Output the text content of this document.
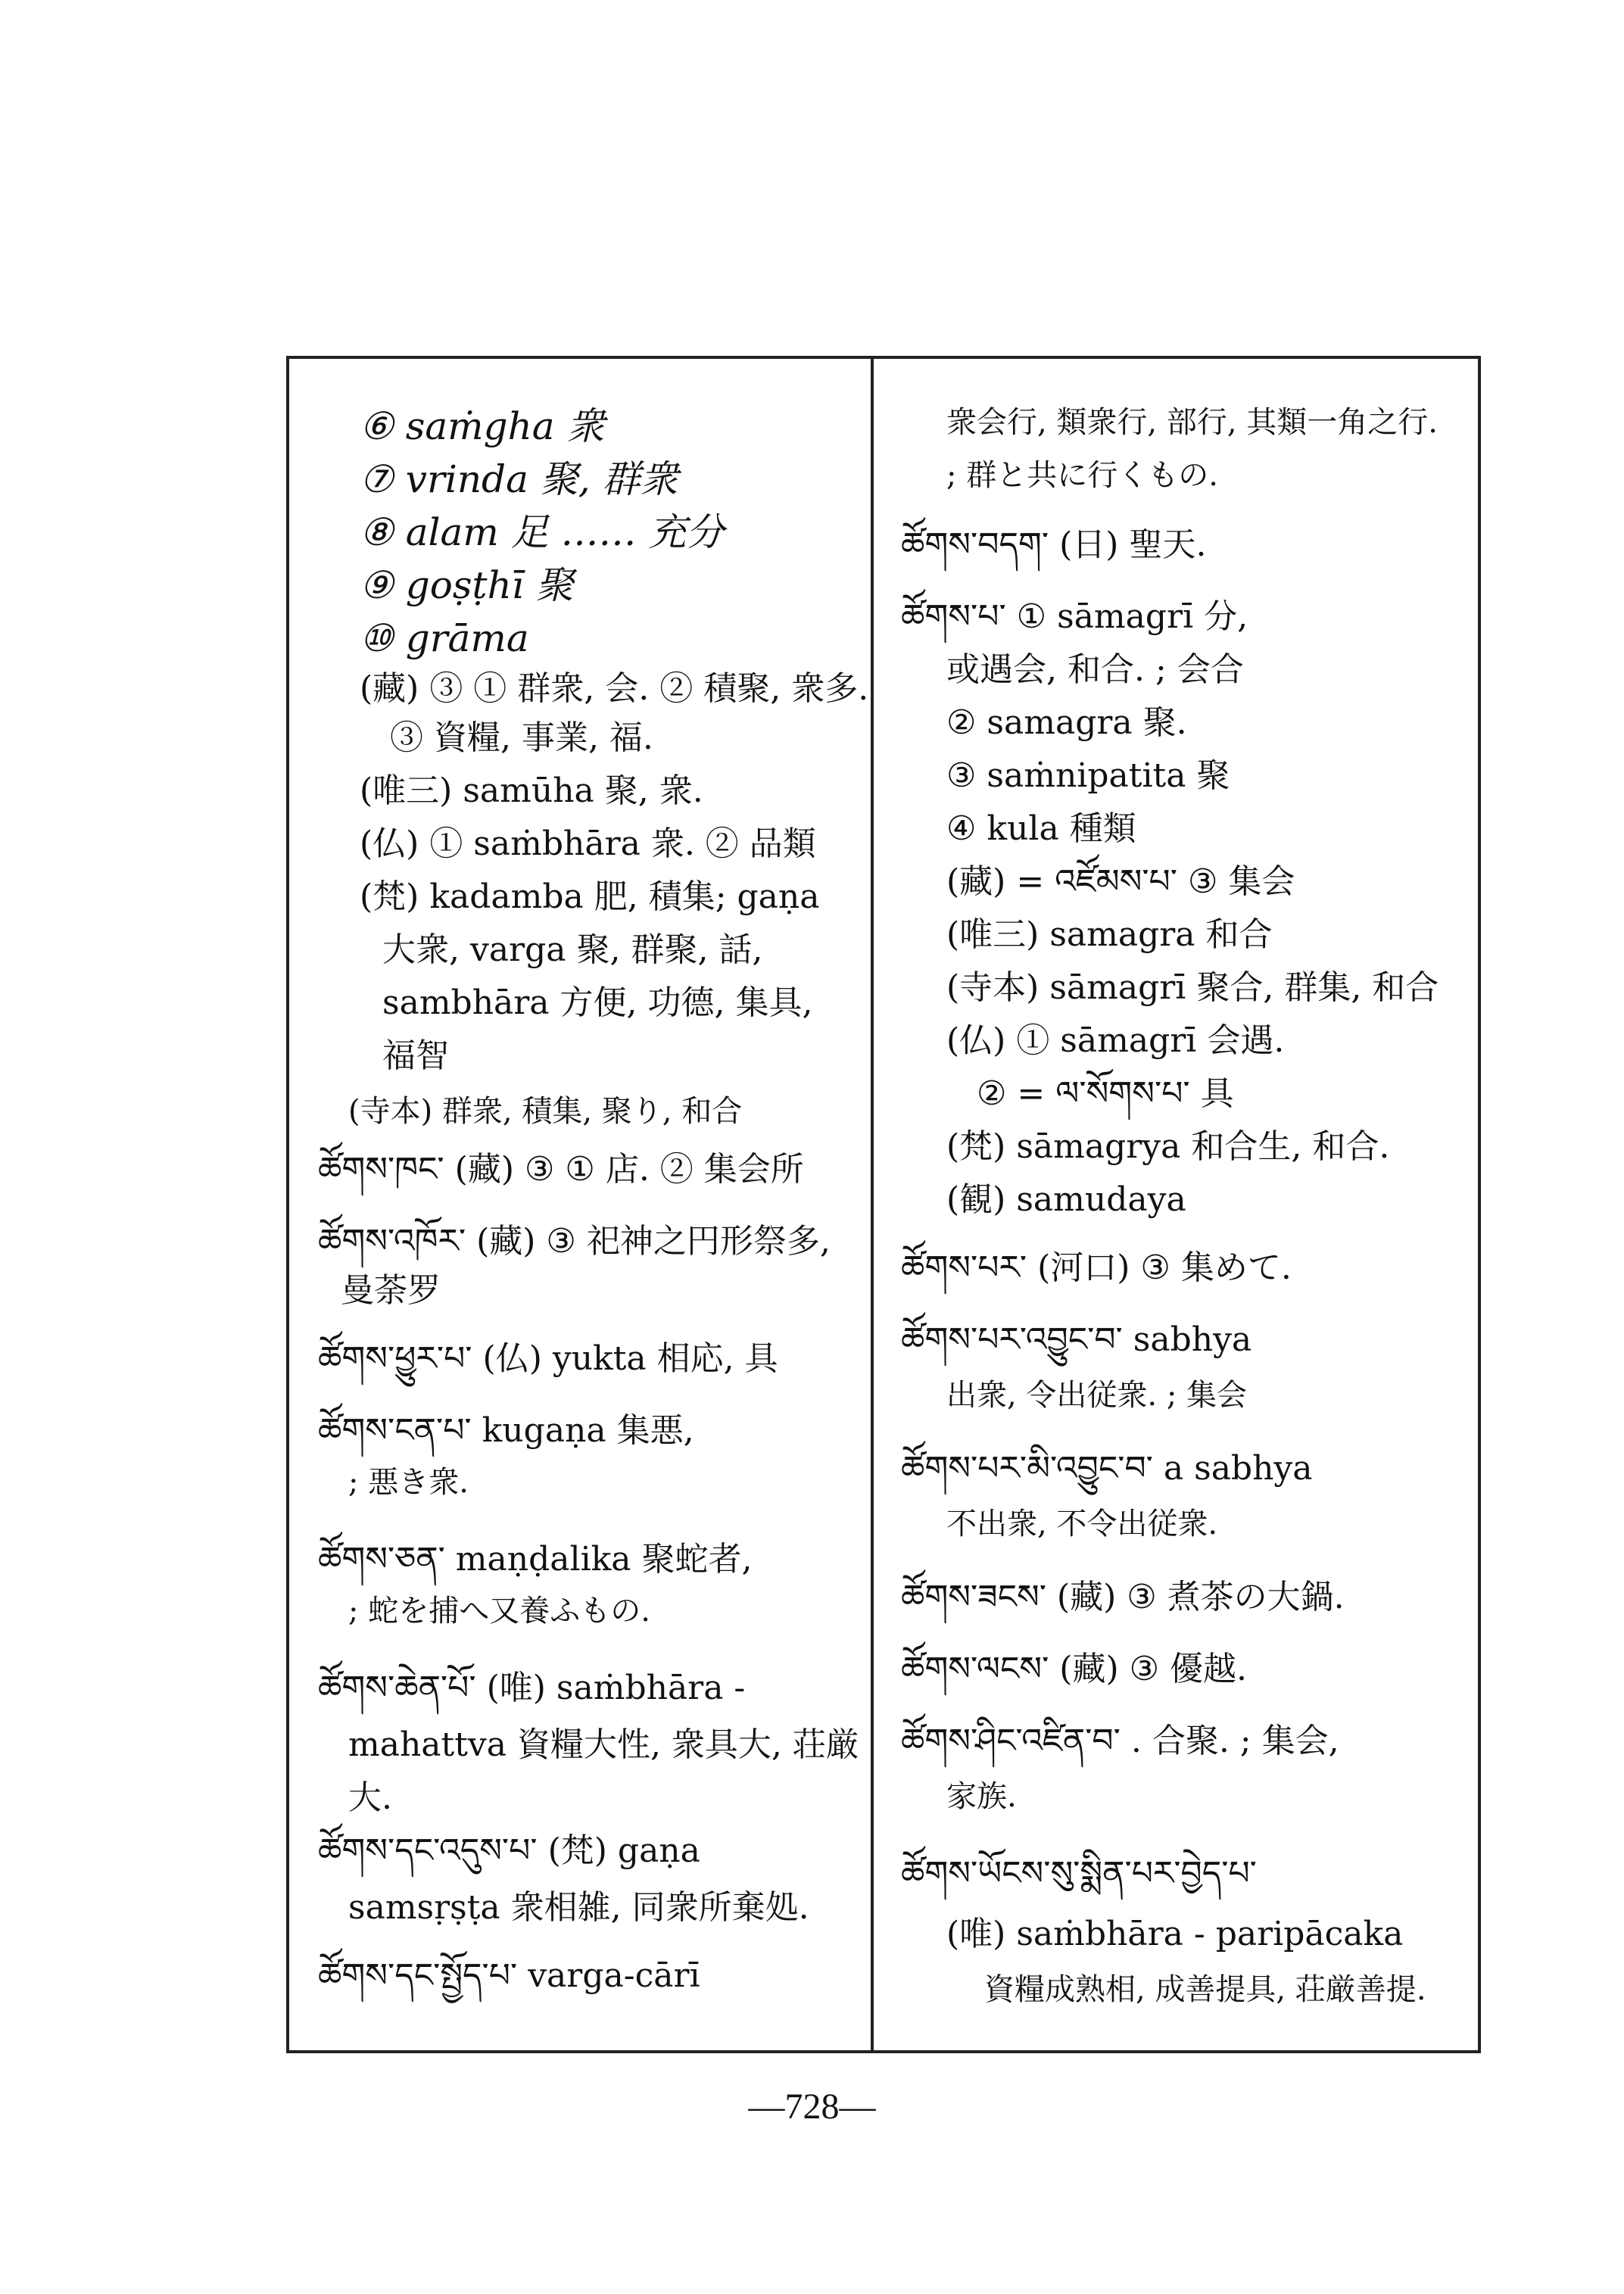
⑥ saṁgha 衆
⑦ vrinda 聚, 群衆
⑧ alam 足 …… 充分
⑨ goṣṭhī 聚
⑩ grāma
(藏) ③ ① 群衆, 会. ② 積聚, 衆多.
③ 資糧, 事業, 福.
(唯三) samūha 聚, 衆.
(仏) ① saṁbhāra 衆. ② 品類
(梵) kadamba 肥, 積集; gaṇa
大衆, varga 聚, 群聚, 話,
sambhāra 方便, 功德, 集具,
福智
(寺本) 群衆, 積集, 聚り, 和合
ཚོགས་ཁང་ (藏) ③ ① 店. ② 集会所
ཚོགས་འཁོར་ (藏) ③ 祀神之円形祭多,
曼荼罗
ཚོགས་ཕྱུར་པ་ (仏) yukta 相応, 具
ཚོགས་ངན་པ་ kugaṇa 集悪,
; 悪き衆.
ཚོགས་ཅན་ maṇḍalika 聚蛇者,
; 蛇を捕へ又養ふもの.
ཚོགས་ཆེན་པོ་ (唯) saṁbhāra -
mahattva 資糧大性, 衆具大, 荘厳
大.
ཚོགས་དང་འདུས་པ་ (梵) gaṇa
samsṛṣṭa 衆相雑, 同衆所棄処.
ཚོགས་དང་སྤྱོད་པ་ varga-cārī
衆会行, 類衆行, 部行, 其類一角之行.
; 群と共に行くもの.
ཚོགས་བདག་ (日) 聖天.
ཚོགས་པ་ ① sāmagrī 分,
或遇会, 和合. ; 会合
② samagra 聚.
③ saṁnipatita 聚
④ kula 種類
(藏) = འཛོམས་པ་ ③ 集会
(唯三) samagra 和合
(寺本) sāmagrī 聚合, 群集, 和合
(仏) ① sāmagrī 会遇.
② = ལ་སོགས་པ་ 具
(梵) sāmagrya 和合生, 和合.
(観) samudaya
ཚོགས་པར་ (河口) ③ 集めて.
ཚོགས་པར་འབྱུང་བ་ sabhya
出衆, 令出従衆. ; 集会
ཚོགས་པར་མི་འབྱུང་བ་ a sabhya
不出衆, 不令出従衆.
ཚོགས་ཟངས་ (藏) ③ 煮茶の大鍋.
ཚོགས་ལངས་ (藏) ③ 優越.
ཚོགས་ཤིང་འཛིན་བ་ . 合聚. ; 集会,
家族.
ཚོགས་ཡོངས་སུ་སྨིན་པར་བྱེད་པ་
(唯) saṁbhāra - paripācaka
資糧成熟相, 成善提具, 荘厳善提.
—728—
